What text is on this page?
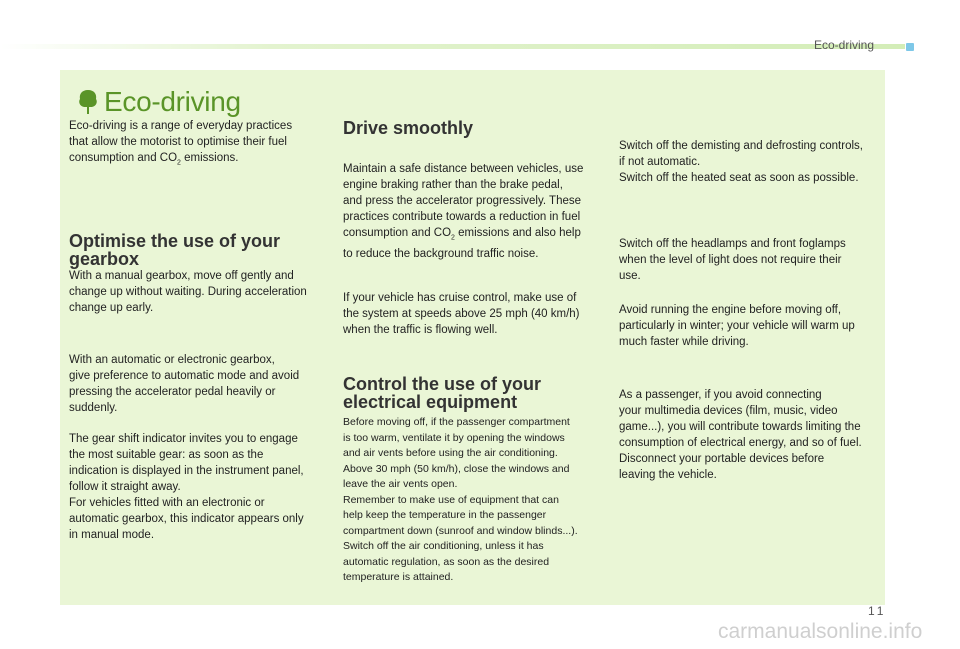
Eco-driving
Eco-driving

Eco-driving is a range of everyday practices
that allow the motorist to optimise their fuel
consumption and $CO_2$ emissions.

Optimise the use of your
gearbox

With a manual gearbox, move off gently and
change up without waiting. During acceleration
change up early.

With an automatic or electronic gearbox,
give preference to automatic mode and avoid
pressing the accelerator pedal heavily or
suddenly.

The gear shift indicator invites you to engage
the most suitable gear: as soon as the
indication is displayed in the instrument panel,
follow it straight away.
For vehicles fitted with an electronic or
automatic gearbox, this indicator appears only
in manual mode.

Drive smoothly

Maintain a safe distance between vehicles, use
engine braking rather than the brake pedal,
and press the accelerator progressively. These
practices contribute towards a reduction in fuel
consumption and $CO_2$ emissions and also help
to reduce the background traffic noise.

If your vehicle has cruise control, make use of
the system at speeds above 25 mph (40 km/h)
when the traffic is flowing well.

Control the use of your
electrical equipment

Before moving off, if the passenger compartment
is too warm, ventilate it by opening the windows
and air vents before using the air conditioning.
Above 30 mph (50 km/h), close the windows and
leave the air vents open.
Remember to make use of equipment that can
help keep the temperature in the passenger
compartment down (sunroof and window blinds...).
Switch off the air conditioning, unless it has
automatic regulation, as soon as the desired
temperature is attained.

Switch off the demisting and defrosting controls,
if not automatic.
Switch off the heated seat as soon as possible.

Switch off the headlamps and front foglamps
when the level of light does not require their
use.

Avoid running the engine before moving off,
particularly in winter; your vehicle will warm up
much faster while driving.

As a passenger, if you avoid connecting
your multimedia devices (film, music, video
game...), you will contribute towards limiting the
consumption of electrical energy, and so of fuel.
Disconnect your portable devices before
leaving the vehicle.

11
carmanualsonline.info
